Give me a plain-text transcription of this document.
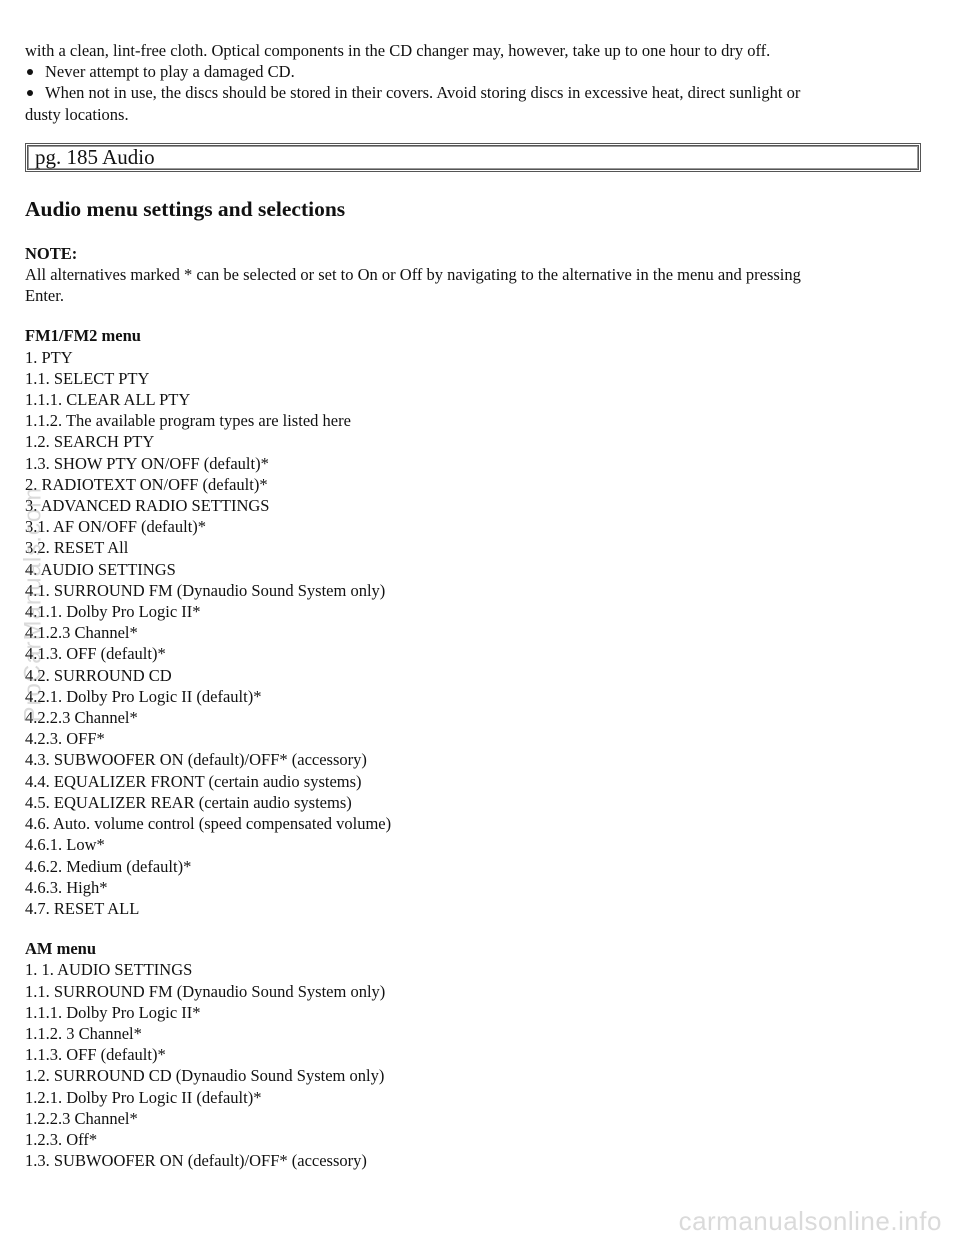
with a clean, lint-free cloth. Optical components in the CD changer may, however, take up to one hour to dry off.

Never attempt to play a damaged CD.
When not in use, the discs should be stored in their covers. Avoid storing discs in excessive heat, direct sunlight or
dusty locations.
pg. 185 Audio
Audio menu settings and selections
NOTE:
All alternatives marked * can be selected or set to On or Off by navigating to the alternative in the menu and pressing
Enter.
FM1/FM2 menu
1. PTY
1.1. SELECT PTY
1.1.1. CLEAR ALL PTY
1.1.2. The available program types are listed here
1.2. SEARCH PTY
1.3. SHOW PTY ON/OFF (default)*
2. RADIOTEXT ON/OFF (default)*
3. ADVANCED RADIO SETTINGS
3.1. AF ON/OFF (default)*
3.2. RESET All
4. AUDIO SETTINGS
4.1. SURROUND FM (Dynaudio Sound System only)
4.1.1. Dolby Pro Logic II*
4.1.2.3 Channel*
4.1.3. OFF (default)*
4.2. SURROUND CD
4.2.1. Dolby Pro Logic II (default)*
4.2.2.3 Channel*
4.2.3. OFF*
4.3. SUBWOOFER ON (default)/OFF* (accessory)
4.4. EQUALIZER FRONT (certain audio systems)
4.5. EQUALIZER REAR (certain audio systems)
4.6. Auto. volume control (speed compensated volume)
4.6.1. Low*
4.6.2. Medium (default)*
4.6.3. High*
4.7. RESET ALL
AM menu
1. 1. AUDIO SETTINGS
1.1. SURROUND FM (Dynaudio Sound System only)
1.1.1. Dolby Pro Logic II*
1.1.2. 3 Channel*
1.1.3. OFF (default)*
1.2. SURROUND CD (Dynaudio Sound System only)
1.2.1. Dolby Pro Logic II (default)*
1.2.2.3 Channel*
1.2.3. Off*
1.3. SUBWOOFER ON (default)/OFF* (accessory)
ProCarManuals.com
carmanualsonline.info
